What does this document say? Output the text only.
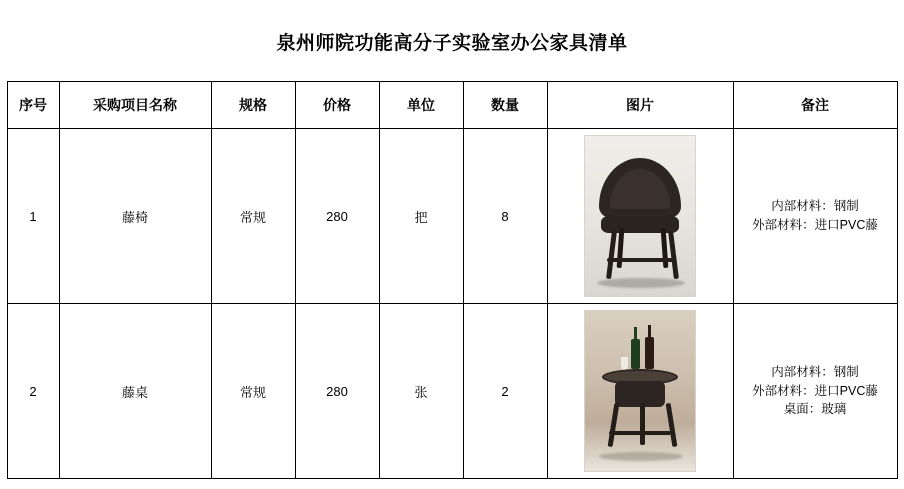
泉州师院功能高分子实验室办公家具清单
序号	采购项目名称	规格	价格	单位	数量	图片	备注
1	藤椅	常规	280	把	8		内部材料：钢制
外部材料：进口PVC藤

2	藤桌	常规	280	张	2		内部材料：钢制
外部材料：进口PVC藤
桌面：玻璃
